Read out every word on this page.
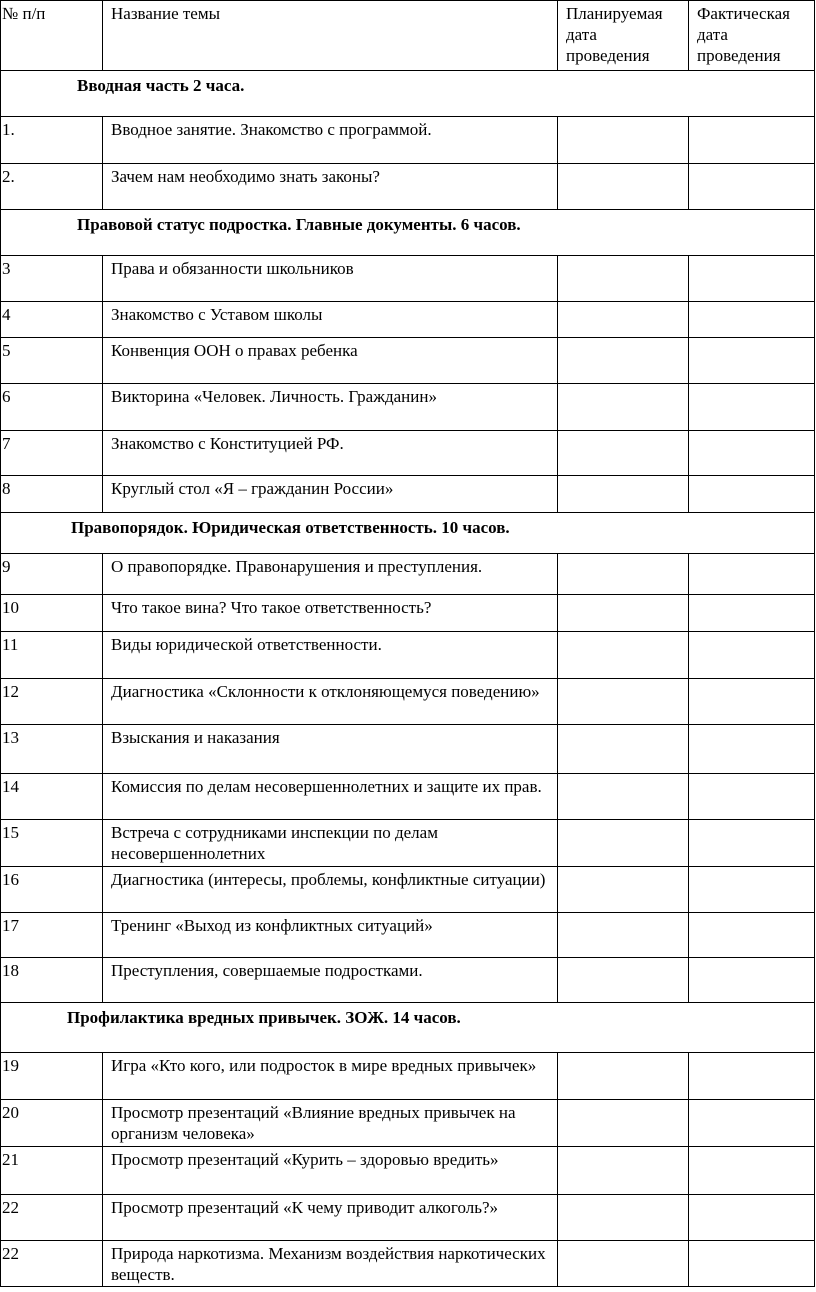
№ п/п	Название темы	Планируемая дата проведения	Фактическая дата проведения
Вводная часть 2 часа.			
1.	Вводное занятие. Знакомство с программой.		
2.	Зачем нам необходимо знать законы?		
Правовой статус подростка. Главные документы. 6 часов.			
3	Права и обязанности школьников		
4	Знакомство с Уставом школы		
5	Конвенция ООН о правах ребенка		
6	Викторина «Человек. Личность. Гражданин»		
7	Знакомство с Конституцией РФ.		
8	Круглый стол «Я – гражданин России»		
Правопорядок. Юридическая ответственность. 10 часов.			
9	О правопорядке. Правонарушения и преступления.		
10	Что такое вина? Что такое ответственность?		
11	Виды юридической ответственности.		
12	Диагностика «Склонности к отклоняющемуся поведению»		
13	Взыскания и наказания		
14	Комиссия по делам несовершеннолетних и защите их прав.		
15	Встреча с сотрудниками инспекции по делам несовершеннолетних		
16	Диагностика (интересы, проблемы, конфликтные ситуации)		
17	Тренинг «Выход из конфликтных ситуаций»		
18	Преступления, совершаемые подростками.		
Профилактика вредных привычек. ЗОЖ. 14 часов.			
19	Игра «Кто кого, или подросток в мире вредных привычек»		
20	Просмотр презентаций «Влияние вредных привычек на организм человека»		
21	Просмотр презентаций «Курить – здоровью вредить»		
22	Просмотр презентаций «К чему приводит алкоголь?»		
22	Природа наркотизма. Механизм воздействия наркотических веществ.		
